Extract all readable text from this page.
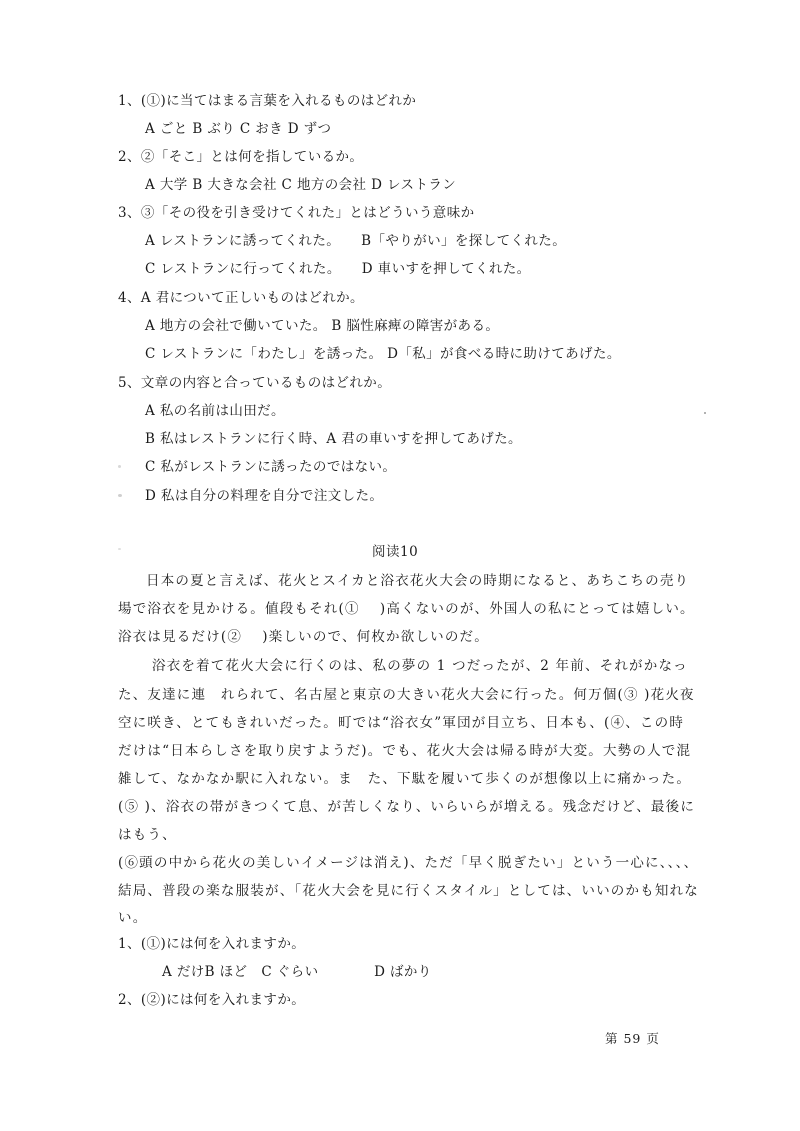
1、(①)に当てはまる言葉を入れるものはどれか
A ごと B ぶり C おき D ずつ
2、②「そこ」とは何を指しているか。
A 大学 B 大きな会社 C 地方の会社 D レストラン
3、③「その役を引き受けてくれた」とはどういう意味か
A レストランに誘ってくれた。　　B「やりがい」を探してくれた。
C レストランに行ってくれた。　　D 車いすを押してくれた。
4、A 君について正しいものはどれか。
A 地方の会社で働いていた。 B 脳性麻痺の障害がある。
C レストランに「わたし」を誘った。 D「私」が食べる時に助けてあげた。
5、文章の内容と合っているものはどれか。
A 私の名前は山田だ。
B 私はレストランに行く時、A 君の車いすを押してあげた。
C 私がレストランに誘ったのではない。
D 私は自分の料理を自分で注文した。
阅读10
日本の夏と言えば、花火とスイカと浴衣花火大会の時期になると、あちこちの売り
場で浴衣を見かける。値段もそれ(①　 )高くないのが、外国人の私にとっては嬉しい。
浴衣は見るだけ(②　 )楽しいので、何枚か欲しいのだ。
浴衣を着て花火大会に行くのは、私の夢の 1 つだったが、2 年前、それがかなっ
た、友達に連　れられて、名古屋と東京の大きい花火大会に行った。何万個(③ )花火夜
空に咲き、とてもきれいだった。町では“浴衣女”軍団が目立ち、日本も、(④、この時
だけは“日本らしさを取り戻すようだ)。でも、花火大会は帰る時が大変。大勢の人で混
雑して、なかなか駅に入れない。ま　た、下駄を履いて歩くのが想像以上に痛かった。
(⑤ )、浴衣の帯がきつくて息、が苦しくなり、いらいらが増える。残念だけど、最後に
はもう、
(⑥頭の中から花火の美しいイメージは消え)、ただ「早く脱ぎたい」という一心に、、、、
結局、普段の楽な服装が、「花火大会を見に行くスタイル」としては、いいのかも知れな
い。
1、(①)には何を入れますか。
A だけB ほど　C ぐらい　　　　D ばかり
2、(②)には何を入れますか。
第 59 页
